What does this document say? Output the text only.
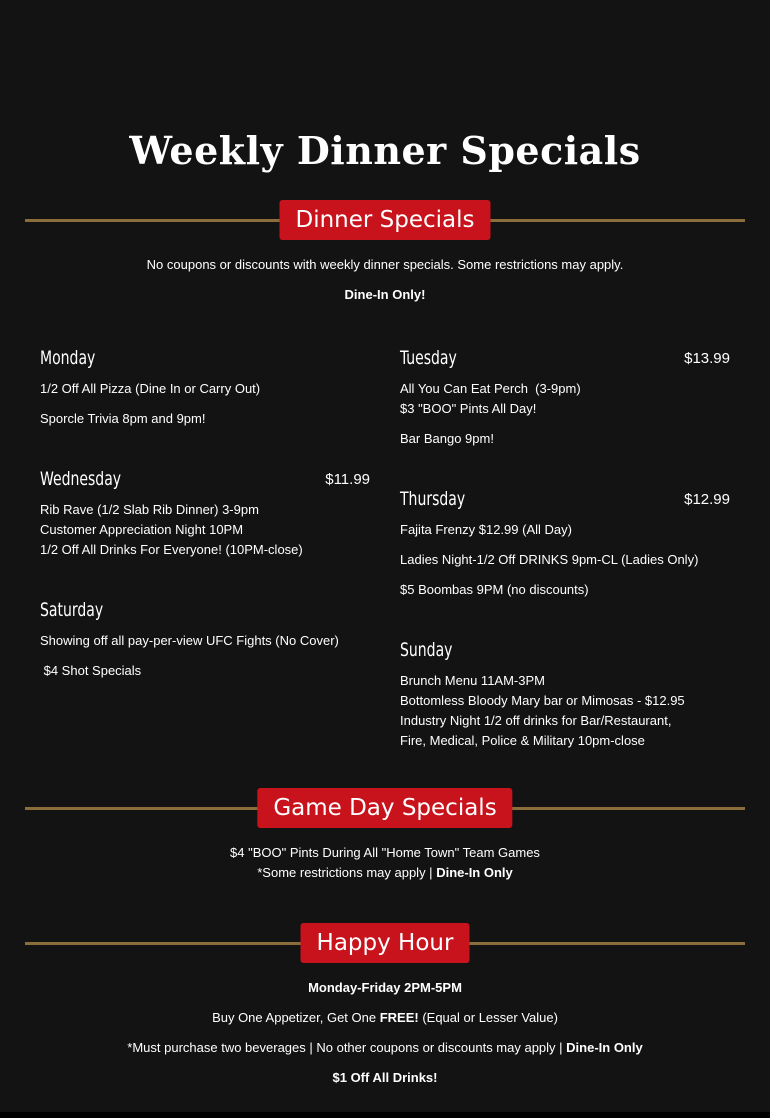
Weekly Dinner Specials
Dinner Specials

No coupons or discounts with weekly dinner specials. Some restrictions may apply.

Dine-In Only!

Monday
1/2 Off All Pizza (Dine In or Carry Out)
Sporcle Trivia 8pm and 9pm!
Tuesday	$13.99
All You Can Eat Perch  (3-9pm)
$3 "BOO" Pints All Day!
Bar Bango 9pm!
Wednesday	$11.99
Rib Rave (1/2 Slab Rib Dinner) 3-9pm
Customer Appreciation Night 10PM
1/2 Off All Drinks For Everyone! (10PM-close)
Thursday	$12.99
Fajita Frenzy $12.99 (All Day)
Ladies Night-1/2 Off DRINKS 9pm-CL (Ladies Only)
$5 Boombas 9PM (no discounts)
Saturday
Showing off all pay-per-view UFC Fights (No Cover)
$4 Shot Specials
Sunday
Brunch Menu 11AM-3PM
Bottomless Bloody Mary bar or Mimosas - $12.95
Industry Night 1/2 off drinks for Bar/Restaurant,
Fire, Medical, Police & Military 10pm-close
Game Day Specials

$4 "BOO" Pints During All "Home Town" Team Games

*Some restrictions may apply | Dine-In Only

Happy Hour

Monday-Friday 2PM-5PM

Buy One Appetizer, Get One FREE! (Equal or Lesser Value)

*Must purchase two beverages | No other coupons or discounts may apply | Dine-In Only

$1 Off All Drinks!
